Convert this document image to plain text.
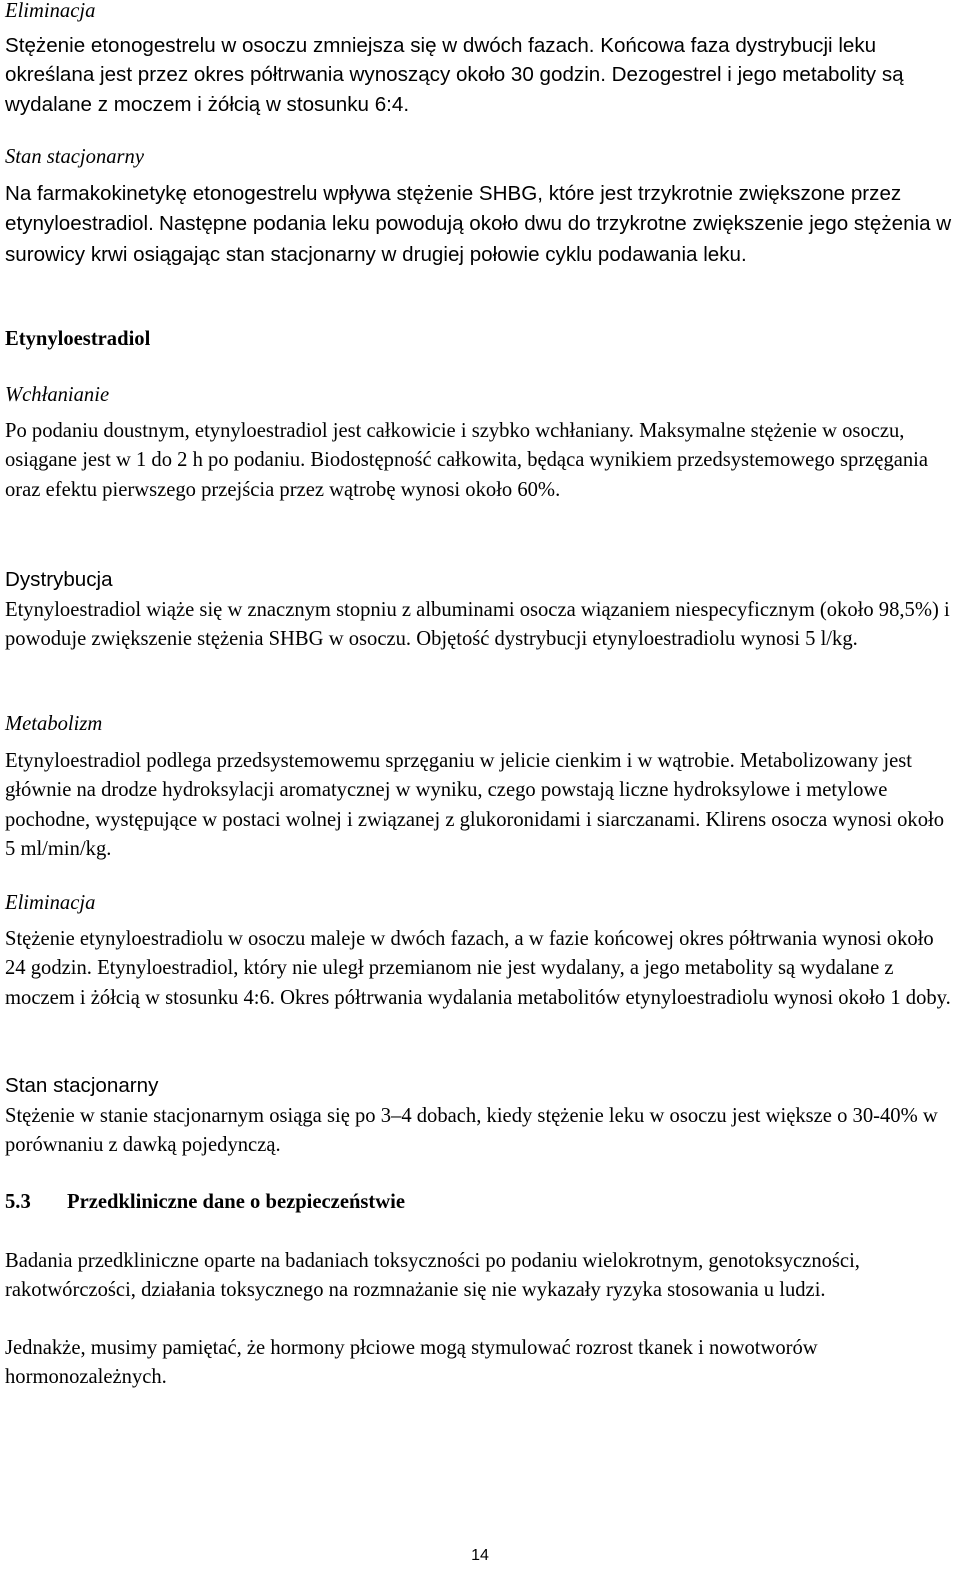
Eliminacja

Stężenie etonogestrelu w osoczu zmniejsza się w dwóch fazach. Końcowa faza dystrybucji leku określana jest przez okres półtrwania wynoszący około 30 godzin. Dezogestrel i jego metabolity są wydalane z moczem i żółcią w stosunku 6:4.

Stan stacjonarny

Na farmakokinetykę etonogestrelu wpływa stężenie SHBG, które jest trzykrotnie zwiększone przez etynyloestradiol. Następne podania leku powodują około dwu do trzykrotne zwiększenie jego stężenia w surowicy krwi osiągając stan stacjonarny w drugiej połowie cyklu podawania leku.

Etynyloestradiol

Wchłanianie

Po podaniu doustnym, etynyloestradiol jest całkowicie i szybko wchłaniany. Maksymalne stężenie w osoczu, osiągane jest w 1 do 2 h po podaniu. Biodostępność całkowita, będąca wynikiem przedsystemowego sprzęgania oraz efektu pierwszego przejścia przez wątrobę wynosi około 60%.

Dystrybucja

Etynyloestradiol wiąże się w znacznym stopniu z albuminami osocza wiązaniem niespecyficznym (około 98,5%) i powoduje zwiększenie stężenia SHBG w osoczu. Objętość dystrybucji etynyloestradiolu wynosi 5 l/kg.

Metabolizm

Etynyloestradiol podlega przedsystemowemu sprzęganiu w jelicie cienkim i w wątrobie. Metabolizowany jest głównie na drodze hydroksylacji aromatycznej w wyniku, czego powstają liczne hydroksylowe i metylowe pochodne, występujące w postaci wolnej i związanej z glukoronidami i siarczanami. Klirens osocza wynosi około 5 ml/min/kg.

Eliminacja

Stężenie etynyloestradiolu w osoczu maleje w dwóch fazach, a w fazie końcowej okres półtrwania wynosi około 24 godzin. Etynyloestradiol, który nie uległ przemianom nie jest wydalany, a jego metabolity są wydalane z moczem i żółcią w stosunku 4:6. Okres półtrwania wydalania metabolitów etynyloestradiolu wynosi około 1 doby.

Stan stacjonarny

Stężenie w stanie stacjonarnym osiąga się po 3–4 dobach, kiedy stężenie leku w osoczu jest większe o 30-40% w porównaniu z dawką pojedynczą.

5.3 Przedkliniczne dane o bezpieczeństwie

Badania przedkliniczne oparte na badaniach toksyczności po podaniu wielokrotnym, genotoksyczności, rakotwórczości, działania toksycznego na rozmnażanie się nie wykazały ryzyka stosowania u ludzi.

Jednakże, musimy pamiętać, że hormony płciowe mogą stymulować rozrost tkanek i nowotworów hormonozależnych.

14
